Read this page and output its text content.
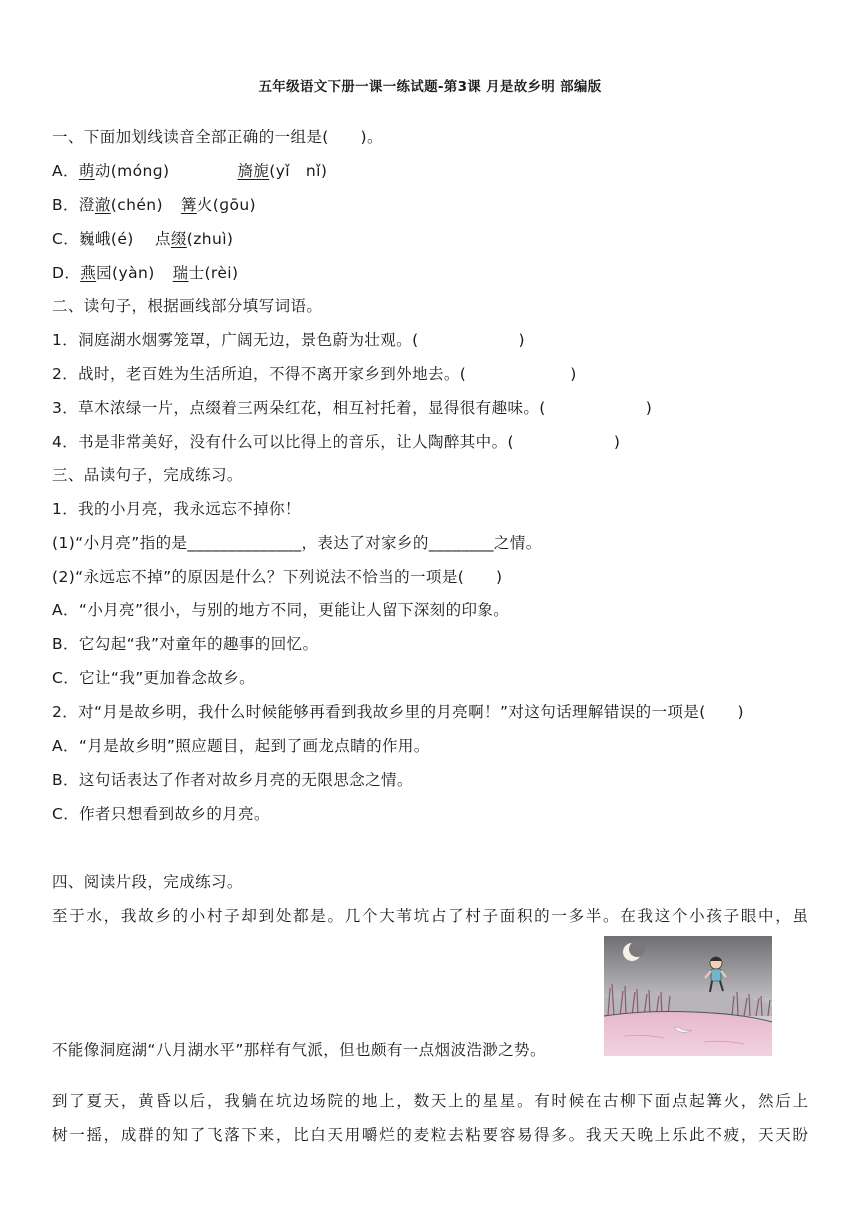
五年级语文下册一课一练试题-第3课 月是故乡明 部编版
一、下面加划线读音全部正确的一组是(　　)。
A．萌动(mónɡ)	旖旎(yǐ　nǐ)
B．澄澈(chén) 篝火(ɡōu)
C．巍峨(é)　 点缀(zhuì)
D．燕园(yàn) 瑞士(rèi)
二、读句子，根据画线部分填写词语。
1．洞庭湖水烟雾笼罩，广阔无边，景色蔚为壮观。(	)
2．战时，老百姓为生活所迫，不得不离开家乡到外地去。(	)
3．草木浓绿一片，点缀着三两朵红花，相互衬托着，显得很有趣味。(	)
4．书是非常美好，没有什么可以比得上的音乐，让人陶醉其中。(	)
三、品读句子，完成练习。
1．我的小月亮，我永远忘不掉你！
(1)“小月亮”指的是______________，表达了对家乡的________之情。
(2)“永远忘不掉”的原因是什么？下列说法不恰当的一项是(　　)
A．“小月亮”很小，与别的地方不同，更能让人留下深刻的印象。
B．它勾起“我”对童年的趣事的回忆。
C．它让“我”更加眷念故乡。
2．对“月是故乡明，我什么时候能够再看到我故乡里的月亮啊！”对这句话理解错误的一项是(　　)
A．“月是故乡明”照应题目，起到了画龙点睛的作用。
B．这句话表达了作者对故乡月亮的无限思念之情。
C．作者只想看到故乡的月亮。
四、阅读片段，完成练习。
至于水，我故乡的小村子却到处都是。几个大苇坑占了村子面积的一多半。在我这个小孩子眼中，虽
不能像洞庭湖“八月湖水平”那样有气派，但也颇有一点烟波浩渺之势。
到了夏天，黄昏以后，我躺在坑边场院的地上，数天上的星星。有时候在古柳下面点起篝火，然后上
树一摇，成群的知了飞落下来，比白天用嚼烂的麦粒去粘要容易得多。我天天晚上乐此不疲，天天盼
